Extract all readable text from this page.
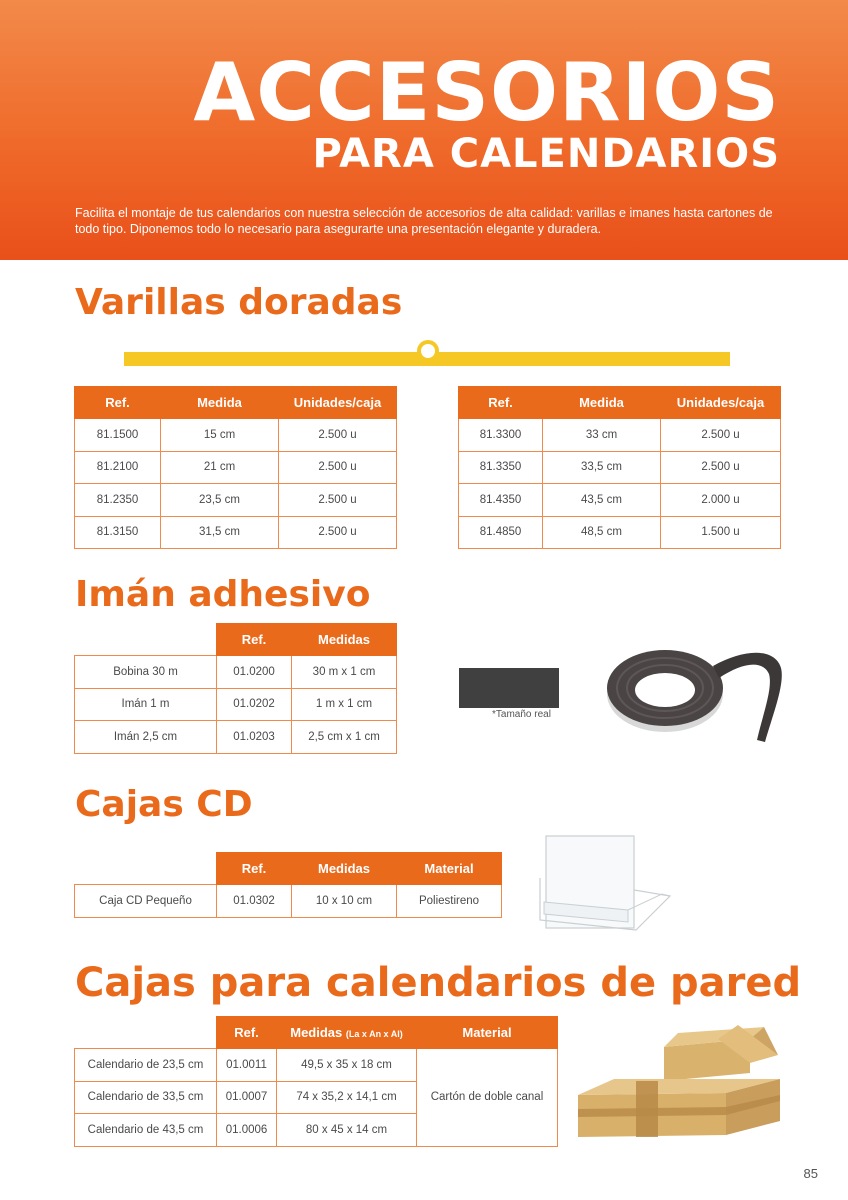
ACCESORIOS
PARA CALENDARIOS
Facilita el montaje de tus calendarios con nuestra selección de accesorios de alta calidad: varillas e imanes hasta cartones de todo tipo. Diponemos todo lo necesario para asegurarte una presentación elegante y duradera.
Varillas doradas
Ref.	Medida	Unidades/caja
81.1500	15 cm	2.500 u
81.2100	21 cm	2.500 u
81.2350	23,5 cm	2.500 u
81.3150	31,5 cm	2.500 u
Ref.	Medida	Unidades/caja
81.3300	33 cm	2.500 u
81.3350	33,5 cm	2.500 u
81.4350	43,5 cm	2.000 u
81.4850	48,5 cm	1.500 u
Imán adhesivo
	Ref.	Medidas
Bobina 30 m	01.0200	30 m x 1 cm
Imán 1 m	01.0202	1 m x 1 cm
Imán 2,5 cm	01.0203	2,5 cm x 1 cm
*Tamaño real
Cajas CD
	Ref.	Medidas	Material
Caja CD Pequeño	01.0302	10 x 10 cm	Poliestireno
Cajas para calendarios de pared
	Ref.	Medidas (La x An x Al)	Material
Calendario de 23,5 cm	01.0011	49,5 x 35 x 18 cm	Cartón de doble canal
Calendario de 33,5 cm	01.0007	74 x 35,2 x 14,1 cm	
Calendario de 43,5 cm	01.0006	80 x 45 x 14 cm	
85
